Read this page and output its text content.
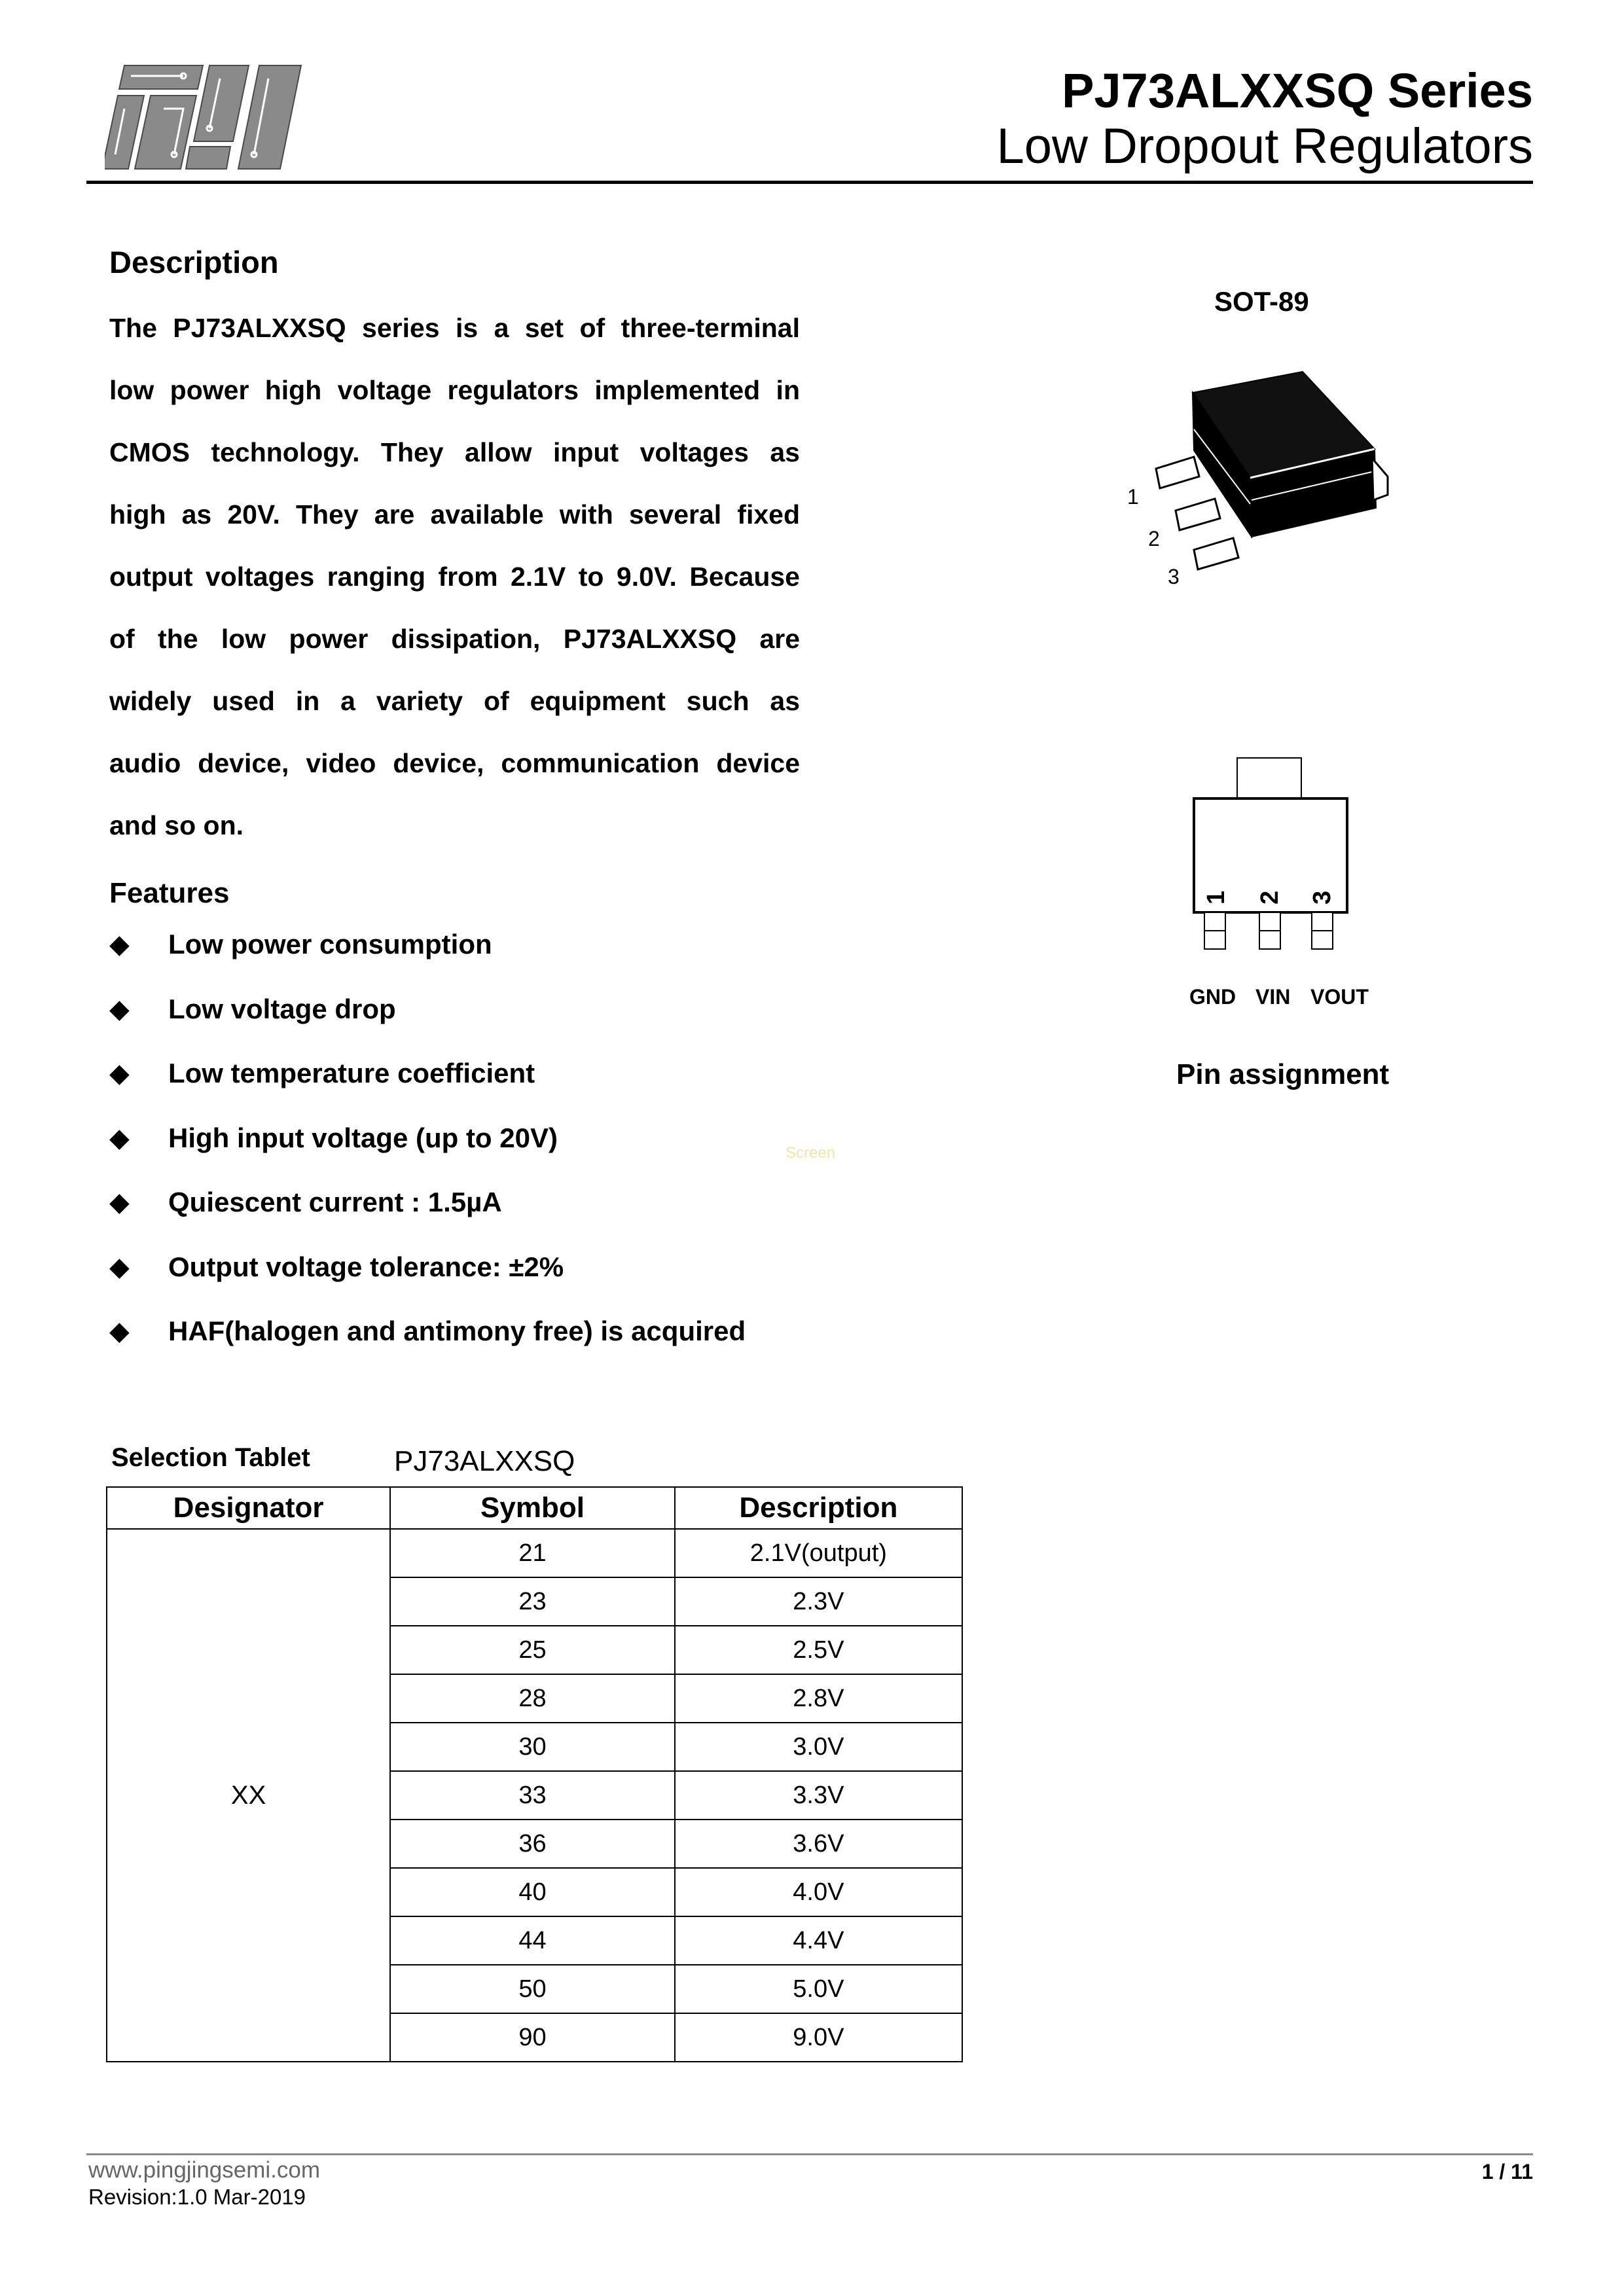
PJ73ALXXSQ Series
Low Dropout Regulators
Description
The PJ73ALXXSQ series is a set of three-terminal
low power high voltage regulators implemented in
CMOS technology. They allow input voltages as
high as 20V. They are available with several fixed
output voltages ranging from 2.1V to 9.0V. Because
of the low power dissipation, PJ73ALXXSQ are
widely used in a variety of equipment such as
audio device, video device, communication device
and so on.
Features
◆	Low power consumption
◆	Low voltage drop
◆	Low temperature coefficient
◆	High input voltage (up to 20V)
◆	Quiescent current : 1.5µA
◆	Output voltage tolerance: ±2%
◆	HAF(halogen and antimony free) is acquired
SOT-89
1
2
3
1 2 3
GND VIN VOUT
Pin assignment
Screen
Selection Tablet	PJ73ALXXSQ
Designator	Symbol	Description
XX	21	2.1V(output)
	23	2.3V
	25	2.5V
	28	2.8V
	30	3.0V
	33	3.3V
	36	3.6V
	40	4.0V
	44	4.4V
	50	5.0V
	90	9.0V
www.pingjingsemi.com
Revision:1.0 Mar-2019
1 / 11
